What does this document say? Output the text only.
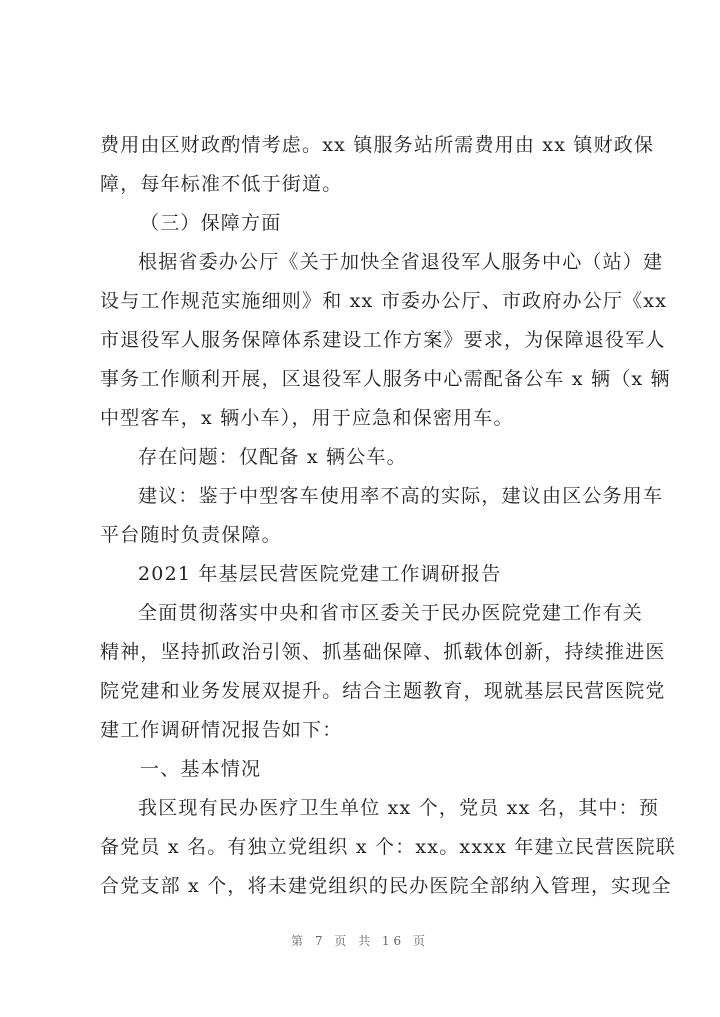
费用由区财政酌情考虑。xx 镇服务站所需费用由 xx 镇财政保
障，每年标准不低于街道。
（三）保障方面
根据省委办公厅《关于加快全省退役军人服务中心（站）建
设与工作规范实施细则》和 xx 市委办公厅、市政府办公厅《xx
市退役军人服务保障体系建设工作方案》要求，为保障退役军人
事务工作顺利开展，区退役军人服务中心需配备公车 x 辆（x 辆
中型客车，x 辆小车），用于应急和保密用车。
存在问题：仅配备 x 辆公车。
建议：鉴于中型客车使用率不高的实际，建议由区公务用车
平台随时负责保障。
2021 年基层民营医院党建工作调研报告
全面贯彻落实中央和省市区委关于民办医院党建工作有关
精神，坚持抓政治引领、抓基础保障、抓载体创新，持续推进医
院党建和业务发展双提升。结合主题教育，现就基层民营医院党
建工作调研情况报告如下：
一、基本情况
我区现有民办医疗卫生单位 xx 个，党员 xx 名，其中：预
备党员 x 名。有独立党组织 x 个：xx。xxxx 年建立民营医院联
合党支部 x 个，将未建党组织的民办医院全部纳入管理，实现全
第 7 页 共 16 页
